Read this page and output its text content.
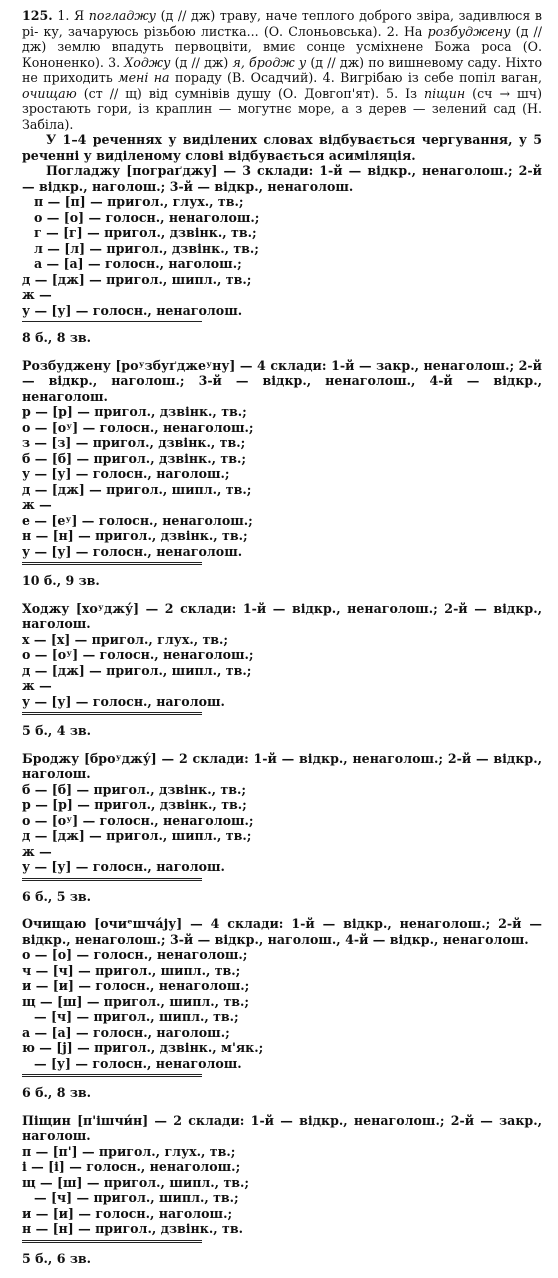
125. 1. Я погладжу (д // дж) траву, наче теплого доброго звіра, задивлюся в рі- ку, зачаруюсь різьбою листка... (О. Слоньовська). 2. На розбуджену (д // дж) землю впадуть первоцвіти, вмиє сонце усміхнене Божа роса (О. Кононенко). 3. Ходжу (д // дж) я, бродж у (д // дж) по вишневому саду. Ніхто не приходить мені на пораду (В. Осадчий). 4. Вигрібаю із себе попіл ваган, очищаю (ст // щ) від сумнівів душу (О. Довгоп'ят). 5. Із піщин (сч → шч) зростають гори, із краплин — могутнє море, а з дерев — зелений сад (Н. Забіла).
У 1–4 реченнях у виділених словах відбувається чергування, у 5 реченні у виділеному слові відбувається асиміляція.
Погладжу [пограґджу] — 3 склади: 1-й — відкр., ненаголош.; 2-й — відкр., наголош.; 3-й — відкр., ненаголош.
п — [п] — пригол., глух., тв.;
о — [о] — голосн., ненаголош.;
г — [г] — пригол., дзвінк., тв.;
л — [л] — пригол., дзвінк., тв.;
а — [а] — голосн., наголош.;
д — [дж] — пригол., шипл., тв.;
ж —
у — [у] — голосн., ненаголош.
8 б., 8 зв.
Розбуджену [роʸзбуґджеʸну] — 4 склади: 1-й — закр., ненаголош.; 2-й — відкр., наголош.; 3-й — відкр., ненаголош., 4-й — відкр., ненаголош.
р — [р] — пригол., дзвінк., тв.;
о — [оʸ] — голосн., ненаголош.;
з — [з] — пригол., дзвінк., тв.;
б — [б] — пригол., дзвінк., тв.;
у — [у] — голосн., наголош.;
д — [дж] — пригол., шипл., тв.;
ж —
е — [еʸ] — голосн., ненаголош.;
н — [н] — пригол., дзвінк., тв.;
у — [у] — голосн., ненаголош.
10 б., 9 зв.
Ходжу [хоʸджу́] — 2 склади: 1-й — відкр., ненаголош.; 2-й — відкр., наголош.
х — [х] — пригол., глух., тв.;
о — [оʸ] — голосн., ненаголош.;
д — [дж] — пригол., шипл., тв.;
ж —
у — [у] — голосн., наголош.
5 б., 4 зв.
Броджу [броʸджу́] — 2 склади: 1-й — відкр., ненаголош.; 2-й — відкр., наголош.
б — [б] — пригол., дзвінк., тв.;
р — [р] — пригол., дзвінк., тв.;
о — [оʸ] — голосн., ненаголош.;
д — [дж] — пригол., шипл., тв.;
ж —
у — [у] — голосн., наголош.
6 б., 5 зв.
Очищаю [очиᵉшча́ју] — 4 склади: 1-й — відкр., ненаголош.; 2-й — відкр., ненаголош.; 3-й — відкр., наголош., 4-й — відкр., ненаголош.
о — [о] — голосн., ненаголош.;
ч — [ч] — пригол., шипл., тв.;
и — [и] — голосн., ненаголош.;
щ — [ш] — пригол., шипл., тв.;
— [ч] — пригол., шипл., тв.;
а — [а] — голосн., наголош.;
ю — [j] — пригол., дзвінк., м'як.;
— [у] — голосн., ненаголош.
6 б., 8 зв.
Піщин [п'ішчи́н] — 2 склади: 1-й — відкр., ненаголош.; 2-й — закр., наголош.
п — [п'] — пригол., глух., тв.;
і — [і] — голосн., ненаголош.;
щ — [ш] — пригол., шипл., тв.;
— [ч] — пригол., шипл., тв.;
и — [и] — голосн., наголош.;
н — [н] — пригол., дзвінк., тв.
5 б., 6 зв.
